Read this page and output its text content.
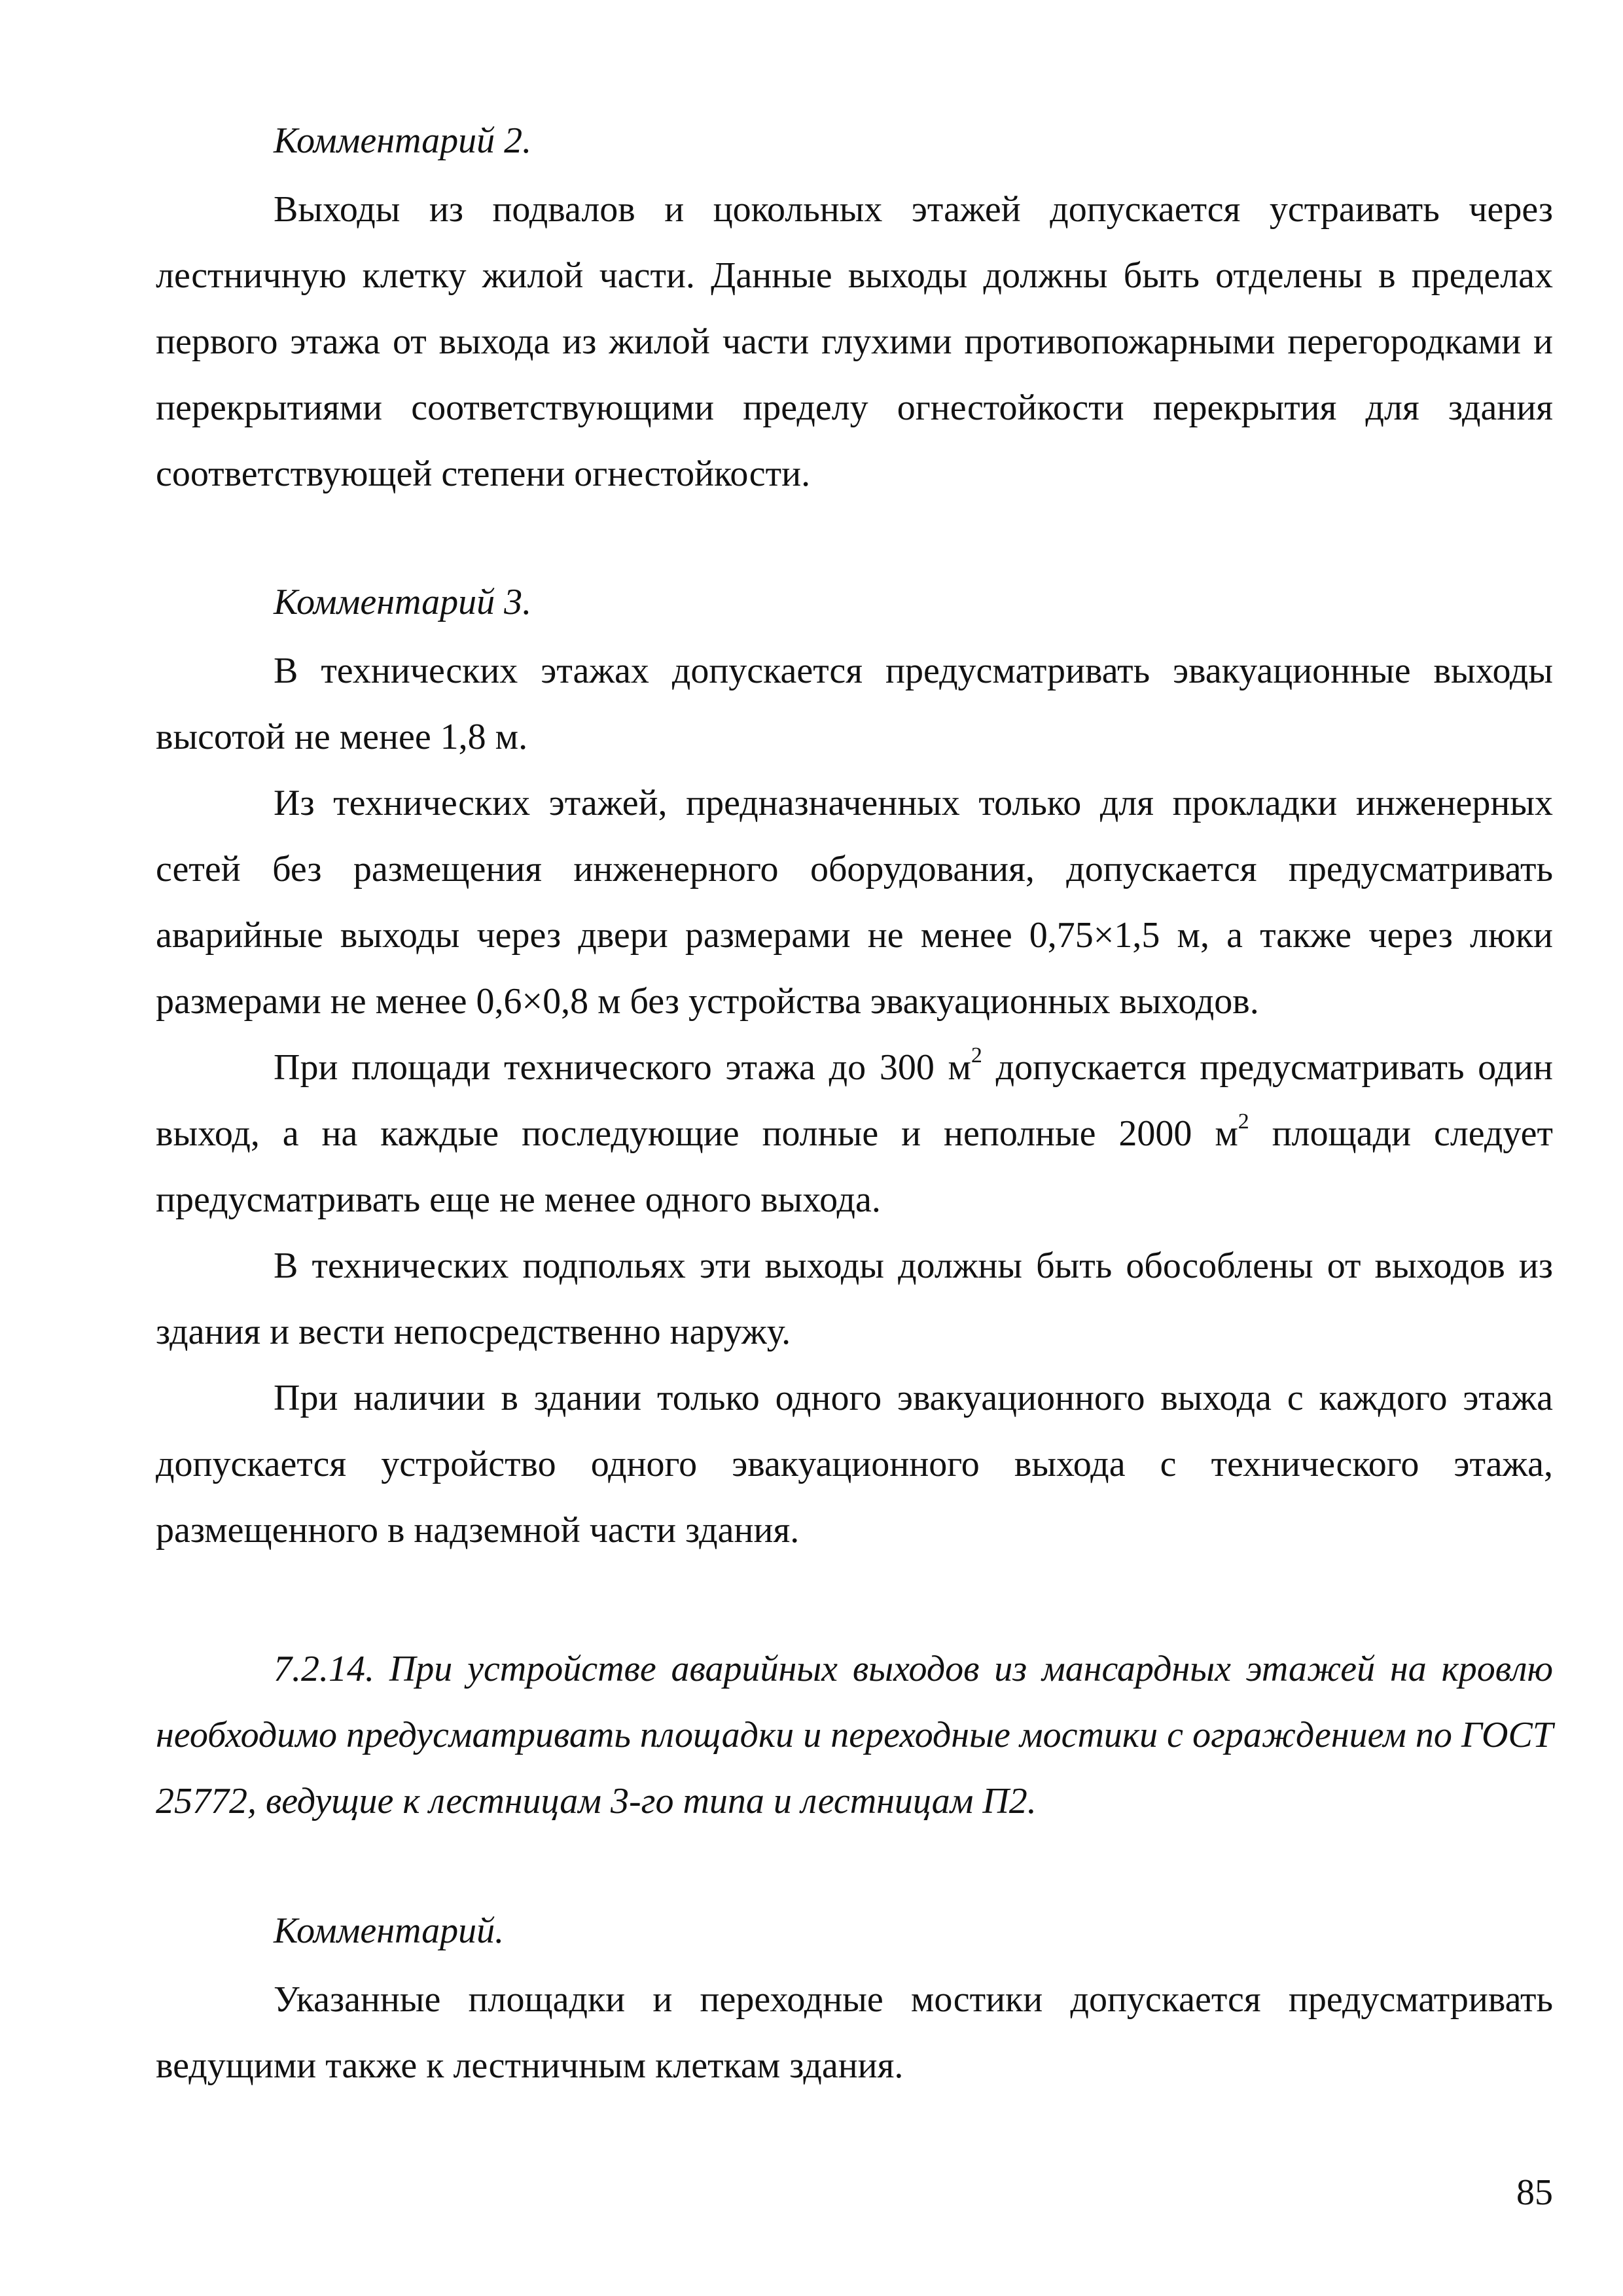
Комментарий 2.

Выходы из подвалов и цокольных этажей допускается устраивать через лестничную клетку жилой части. Данные выходы должны быть отделены в пределах первого этажа от выхода из жилой части глухими противопожарными перегородками и перекрытиями соответствующими пределу огнестойкости перекрытия для здания соответствующей степени огнестойкости.

Комментарий 3.

В технических этажах допускается предусматривать эвакуационные выходы высотой не менее 1,8 м.

Из технических этажей, предназначенных только для прокладки инженерных сетей без размещения инженерного оборудования, допускается предусматривать аварийные выходы через двери размерами не менее 0,75×1,5 м, а также через люки размерами не менее 0,6×0,8 м без устройства эвакуационных выходов.

При площади технического этажа до 300 $м^2$ допускается предусматривать один выход, а на каждые последующие полные и неполные 2000 $м^2$ площади следует предусматривать еще не менее одного выхода.

В технических подпольях эти выходы должны быть обособлены от выходов из здания и вести непосредственно наружу.

При наличии в здании только одного эвакуационного выхода с каждого этажа допускается устройство одного эвакуационного выхода с технического этажа, размещенного в надземной части здания.

7.2.14. При устройстве аварийных выходов из мансардных этажей на кровлю необходимо предусматривать площадки и переходные мостики с ограждением по ГОСТ 25772, ведущие к лестницам 3-го типа и лестницам П2.

Комментарий.

Указанные площадки и переходные мостики допускается предусматривать ведущими также к лестничным клеткам здания.

85
